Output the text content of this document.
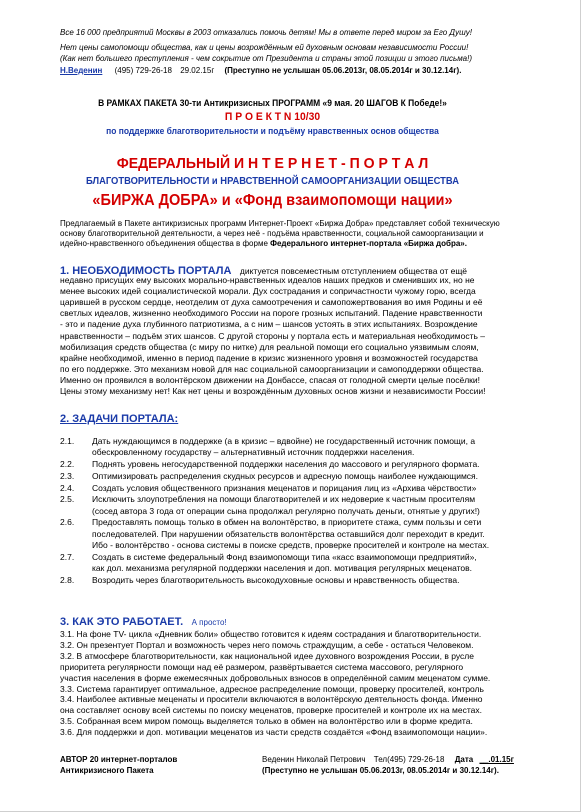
Все 16 000 предприятий Москвы в 2003 отказались помочь детям! Мы в ответе перед миром за Его Душу!
Нет цены самопомощи общества, как и цены возрождённым ей духовным основам независимости России!
(Как нет большего преступления - чем сокрытие от Президента и страны этой позиции и этого письма!)
Н.Веденин (495) 729-26-18 29.02.15г (Преступно не услышан 05.06.2013г, 08.05.2014г и 30.12.14г).
В РАМКАХ ПАКЕТА 30-ти Антикризисных ПРОГРАММ «9 мая. 20 ШАГОВ К Победе!»
П Р О Е К Т N 10/30
по поддержке благотворительности и подъёму нравственных основ общества
ФЕДЕРАЛЬНЫЙ И Н Т Е Р Н Е Т - П О Р Т А Л
БЛАГОТВОРИТЕЛЬНОСТИ и НРАВСТВЕННОЙ САМООРГАНИЗАЦИИ ОБЩЕСТВА
«БИРЖА ДОБРА» и «Фонд взаимопомощи нации»
Предлагаемый в Пакете антикризисных программ Интернет-Проект «Биржа Добра» представляет собой техническую
основу благотворительной деятельности, а через неё - подъёма нравственности, социальной самоорганизации и
идейно-нравственного объединения общества в форме Федерального интернет-портала «Биржа добра».
1. НЕОБХОДИМОСТЬ ПОРТАЛА диктуется повсеместным отступлением общества от ещё
недавно присущих ему высоких морально-нравственных идеалов наших предков и сменивших их, но не
менее высоких идей социалистической морали. Дух сострадания и сопричастности чужому горю, всегда
царившей в русском сердце, неотделим от духа самоотречения и самопожертвования во имя Родины и её
светлых идеалов, жизненно необходимого России на пороге грозных испытаний. Падение нравственности
- это и падение духа глубинного патриотизма, а с ним – шансов устоять в этих испытаниях. Возрождение
нравственности – подъём этих шансов. С другой стороны у портала есть и материальная необходимость –
мобилизация средств общества (с миру по нитке) для реальной помощи его социально уязвимым слоям,
крайне необходимой, именно в период падение в кризис жизненного уровня и возможностей государства
по его поддержке. Это механизм новой для нас социальной самоорганизации и самоподдержки общества.
Именно он проявился в волонтёрском движении на Донбассе, спасая от голодной смерти целые посёлки!
Цены этому механизму нет! Как нет цены и возрождённым духовных основ жизни и независимости России!
2. ЗАДАЧИ ПОРТАЛА:
2.1. Дать нуждающимся в поддержке (а в кризис – вдвойне) не государственный источник помощи, а
обескровленному государству – альтернативный источник поддержки населения.
2.2. Поднять уровень негосударственной поддержки населения до массового и регулярного формата.
2.3. Оптимизировать распределения скудных ресурсов и адресную помощь наиболее нуждающимся.
2.4. Создать условия общественного признания меценатов и порицания лиц из «Архива чёрствости»
2.5. Исключить злоупотребления на помощи благотворителей и их недоверие к частным просителям
(сосед автора 3 года от операции сына продолжал регулярно получать деньги, отнятые у других!)
2.6. Предоставлять помощь только в обмен на волонтёрство, в приоритете стажа, сумм пользы и сети
последователей. При нарушении обязательств волонтёрства оставшийся долг переходит в кредит.
Ибо - волонтёрство - основа системы в поиске средств, проверке просителей и контроле на местах.
2.7. Создать в системе федеральный Фонд взаимопомощи типа «касс взаимопомощи предприятий»,
как дол. механизма регулярной поддержки населения и доп. мотивация регулярных меценатов.
2.8. Возродить через благотворительность высокодуховные основы и нравственность общества.
3. КАК ЭТО РАБОТАЕТ. А просто!
3.1. На фоне ТV- цикла «Дневник боли» общество готовится к идеям сострадания и благотворительности.
3.2. Он презентует Портал и возможность через него помочь страждущим, а себе - остаться Человеком.
3.2. В атмосфере благотворительности, как национальной идее духовного возрождения России, в русле
приоритета регулярности помощи над её размером, развёртывается система массового, регулярного
участия населения в форме ежемесячных добровольных взносов в определённой самим меценатом сумме.
3.3. Система гарантирует оптимальное, адресное распределение помощи, проверку просителей, контроль
3.4. Наиболее активные меценаты и просители включаются в волонтёрскую деятельность фонда. Именно
она составляет основу всей системы по поиску меценатов, проверке просителей и контроле их на местах.
3.5. Собранная всем миром помощь выделяется только в обмен на волонтёрство или в форме кредита.
3.6. Для поддержки и доп. мотивации меценатов из части средств создаётся «Фонд взаимопомощи нации».
АВТОР 20 интернет-порталов
Антикризисного Пакета
Веденин Николай Петрович Тел(495) 729-26-18 Дата __.01.15г
(Преступно не услышан 05.06.2013г, 08.05.2014г и 30.12.14г).
